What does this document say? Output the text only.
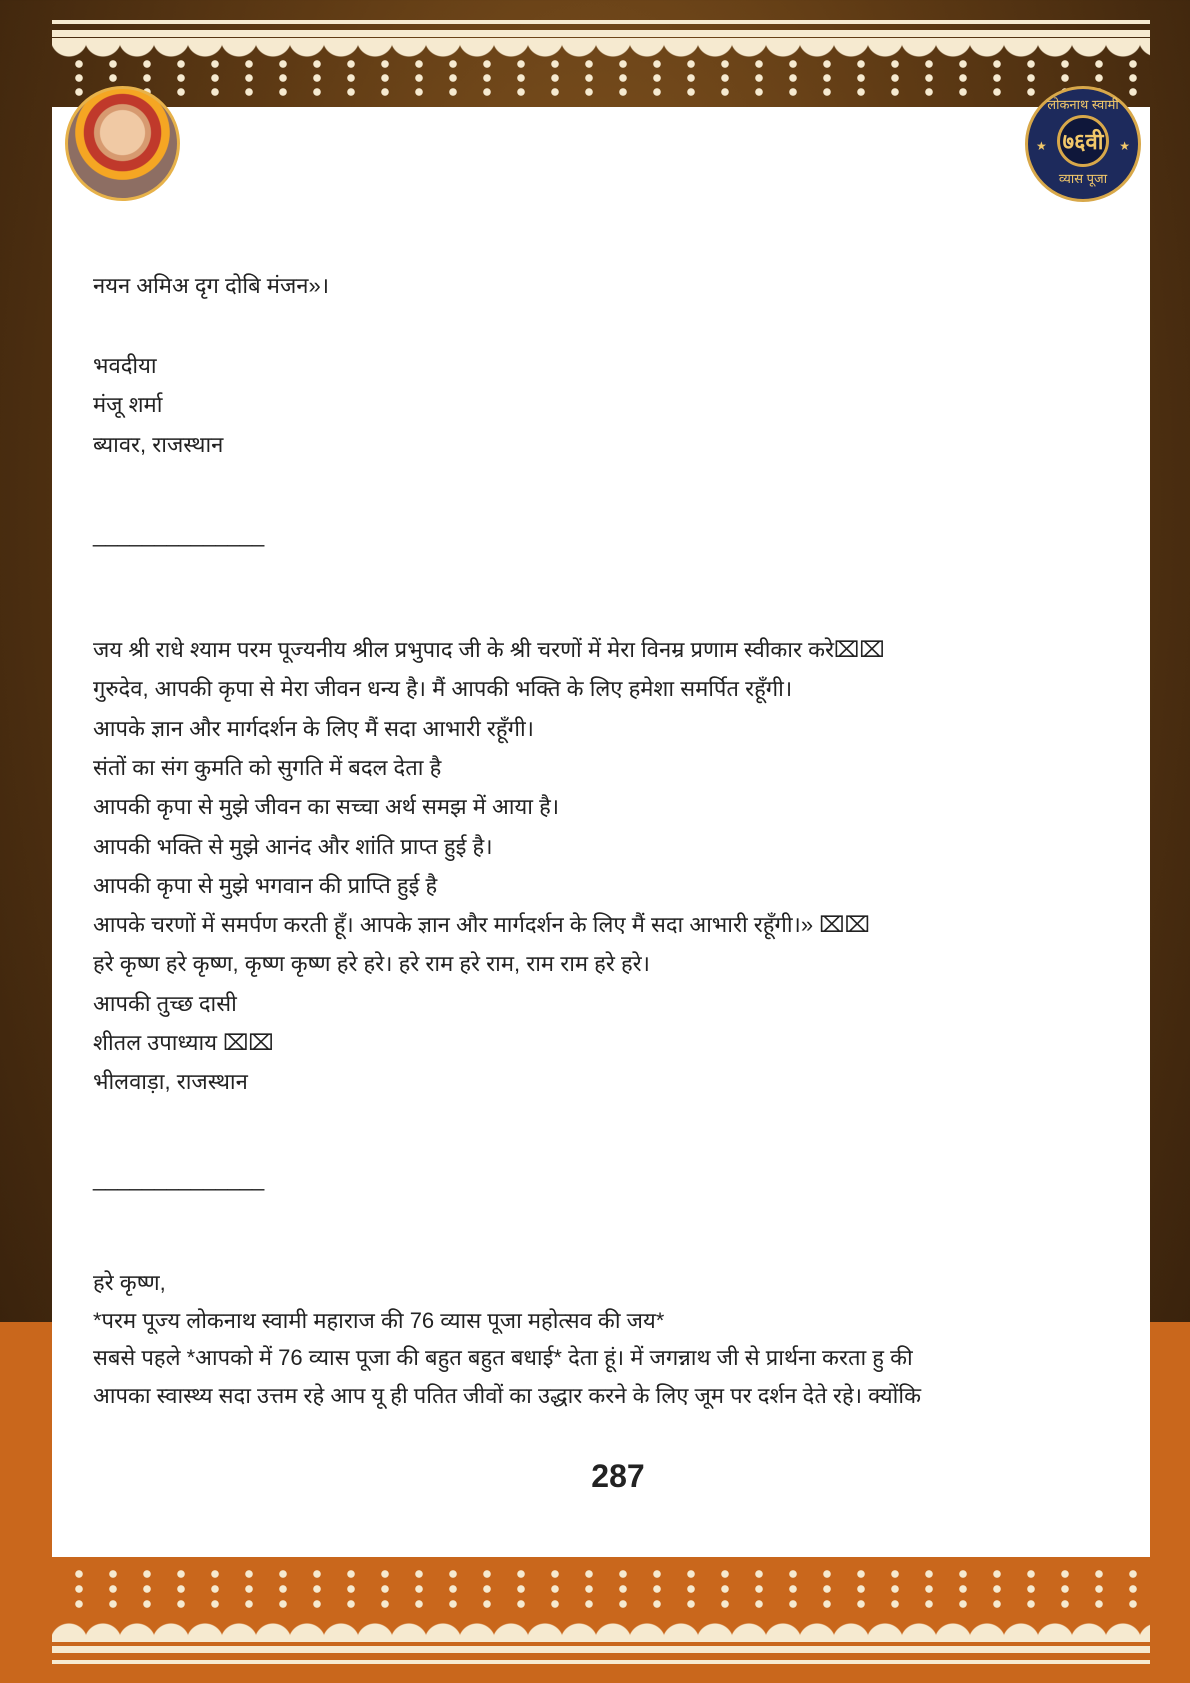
★	★
लोकनाथ स्वामी
७६वी
व्यास पूजा
नयन अमिअ दृग दोबि मंजन»।
भवदीया
मंजू शर्मा
ब्यावर, राजस्थान
______________
जय श्री राधे श्याम परम पूज्यनीय श्रील प्रभुपाद जी के श्री चरणों में मेरा विनम्र प्रणाम स्वीकार करे⌧⌧
गुरुदेव, आपकी कृपा से मेरा जीवन धन्य है। मैं आपकी भक्ति के लिए हमेशा समर्पित रहूँगी।
आपके ज्ञान और मार्गदर्शन के लिए मैं सदा आभारी रहूँगी।
संतों का संग कुमति को सुगति में बदल देता है
आपकी कृपा से मुझे जीवन का सच्चा अर्थ समझ में आया है।
आपकी भक्ति से मुझे आनंद और शांति प्राप्त हुई है।
आपकी कृपा से मुझे भगवान की प्राप्ति हुई है
आपके चरणों में समर्पण करती हूँ। आपके ज्ञान और मार्गदर्शन के लिए मैं सदा आभारी रहूँगी।» ⌧⌧
हरे कृष्ण हरे कृष्ण, कृष्ण कृष्ण हरे हरे। हरे राम हरे राम, राम राम हरे हरे।
आपकी तुच्छ दासी
शीतल उपाध्याय ⌧⌧
भीलवाड़ा, राजस्थान
______________
हरे कृष्ण,
*परम पूज्य लोकनाथ स्वामी महाराज की 76 व्यास पूजा महोत्सव की जय*
सबसे पहले *आपको में 76 व्यास पूजा की बहुत बहुत बधाई* देता हूं। में जगन्नाथ जी से प्रार्थना करता हु की
आपका स्वास्थ्य सदा उत्तम रहे आप यू ही पतित जीवों का उद्धार करने के लिए जूम पर दर्शन देते रहे। क्योंकि
287
